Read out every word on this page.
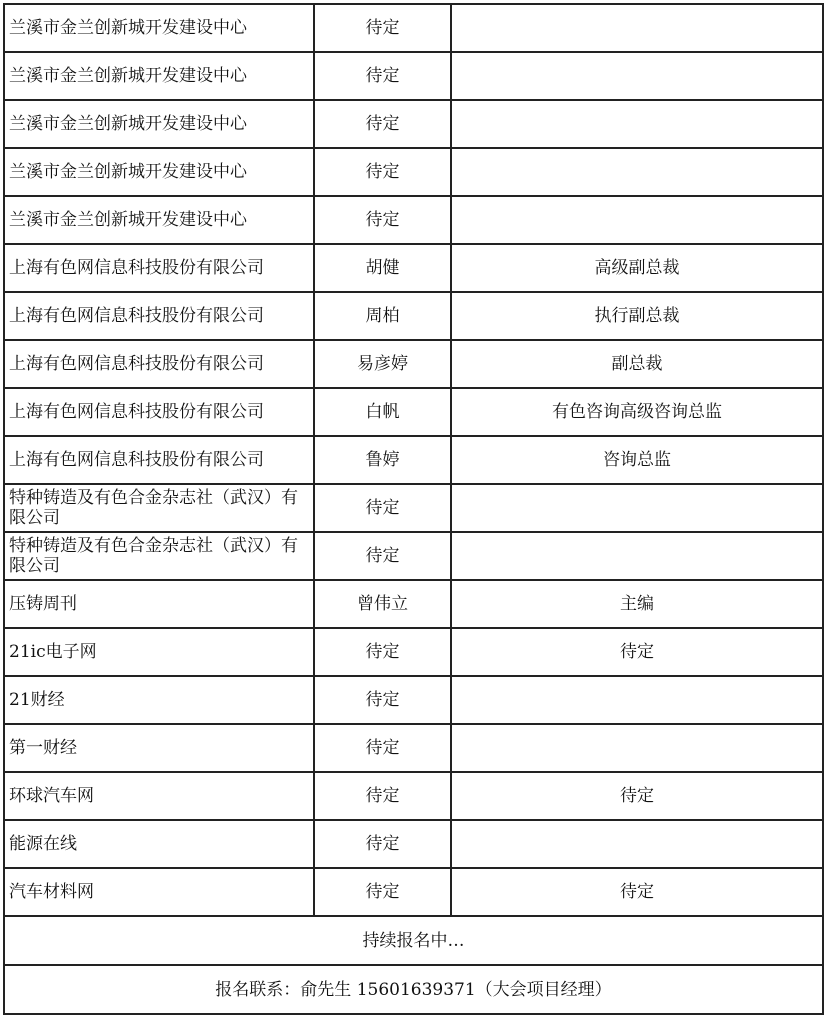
兰溪市金兰创新城开发建设中心	待定	
兰溪市金兰创新城开发建设中心	待定	
兰溪市金兰创新城开发建设中心	待定	
兰溪市金兰创新城开发建设中心	待定	
兰溪市金兰创新城开发建设中心	待定	
上海有色网信息科技股份有限公司	胡健	高级副总裁
上海有色网信息科技股份有限公司	周柏	执行副总裁
上海有色网信息科技股份有限公司	易彦婷	副总裁
上海有色网信息科技股份有限公司	白帆	有色咨询高级咨询总监
上海有色网信息科技股份有限公司	鲁婷	咨询总监
特种铸造及有色合金杂志社（武汉）有限公司	待定	
特种铸造及有色合金杂志社（武汉）有限公司	待定	
压铸周刊	曾伟立	主编
21ic电子网	待定	待定
21财经	待定	
第一财经	待定	
环球汽车网	待定	待定
能源在线	待定	
汽车材料网	待定	待定
持续报名中…		
报名联系：俞先生 15601639371（大会项目经理）		
